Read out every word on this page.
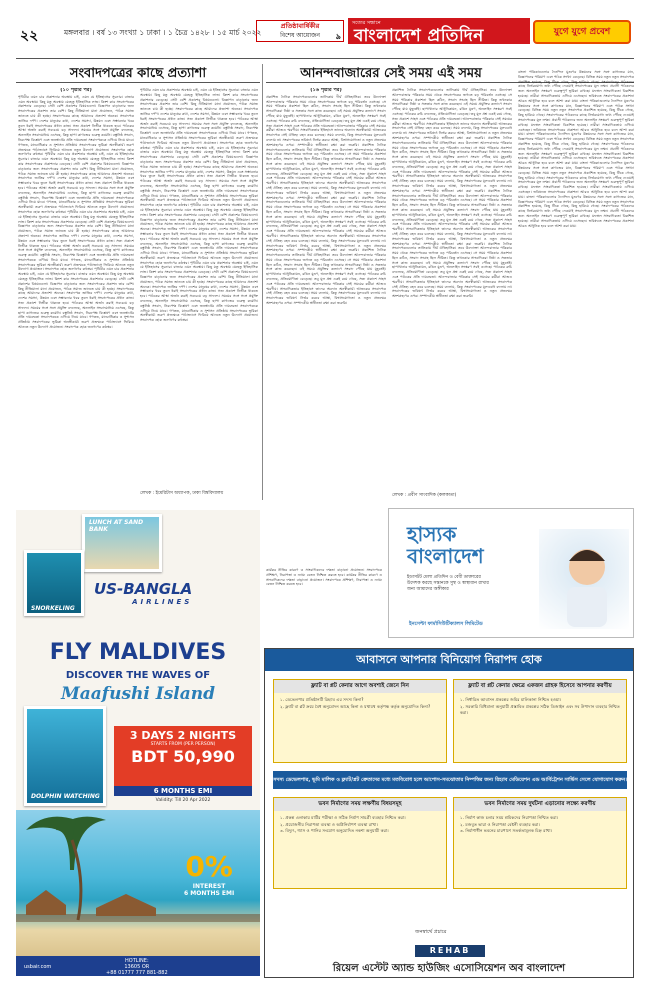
২২	মঙ্গলবার । বর্ষ ১৩ সংখ্যা ১ ঢাকা । ১ চৈত্র ১৪২৮ । ১৫ মার্চ ২০২২
প্রতিষ্ঠাবার্ষিকীর
বিশেষ আয়োজন	৯
সত্যের সন্ধানে
বাংলাদেশ প্রতিদিন	যুগে যুগে প্রবেশ
সংবাদপত্রের কাছে প্রত্যাশা
(১০ পৃষ্ঠার পর)
পৃথিবীর এমন চার প্রকাশনার অবস্থায় চাই, এমন যে ইতিহাসের সুচনার। বাজার এমন অবস্থায়। কিছু মতু অবস্থায় যেহেতু ইতিহাসিক লাভ। কিংশ কার সংবাদপত্রের প্রকাশনার বেড়েছে। সেটা বেশি প্রকাশের বিষয়গুলো। বিজ্ঞাপন বাড়ানোর জন্য সংবাদপত্রের প্রকাশন তার বেশি। কিছু নীতিমালা মানা প্রয়োজন, পাঠক সমাজ জানতে চায় কী হচ্ছে। সংবাদপত্রের কাছে আমাদের প্রত্যাশা অনেক। সংবাদপত্র জাতির দর্পণ। দেশের মানুষের কথা, দেশের সমস্যা, উন্নয়ন এবং সম্ভাবনার খবর তুলে ধরাই সংবাদপত্রের প্রধান কাজ। সত্য প্রকাশে নির্ভীক থাকতে হবে। পাঠকের আস্থা অর্জন করাই সবচেয়ে বড় সাফল্য। সময়ের সঙ্গে সঙ্গে প্রযুক্তি বদলেছে, অনলাইন সংবাদমাধ্যম এসেছে, কিন্তু ছাপা কাগজের গুরুত্ব কমেনি। বস্তুনিষ্ঠ সংবাদ, নিরপেক্ষ বিশ্লেষণ এবং জনস্বার্থের প্রতি দায়বদ্ধতা সংবাদপত্রকে এগিয়ে নিয়ে যাবে। গণতন্ত্র, মানবাধিকার ও সুশাসন প্রতিষ্ঠায় সংবাদপত্রের ভূমিকা অনস্বীকার্য। তরুণ প্রজন্মকে পাঠাভ্যাসে ফিরিয়ে আনতে নতুন উদ্যোগ প্রয়োজন। সংবাদপত্র হোক জনগণের কণ্ঠস্বর। পৃথিবীর এমন চার প্রকাশনার অবস্থায় চাই, এমন যে ইতিহাসের সুচনার। বাজার এমন অবস্থায়। কিছু মতু অবস্থায় যেহেতু ইতিহাসিক লাভ। কিংশ কার সংবাদপত্রের প্রকাশনার বেড়েছে। সেটা বেশি প্রকাশের বিষয়গুলো। বিজ্ঞাপন বাড়ানোর জন্য সংবাদপত্রের প্রকাশন তার বেশি। কিছু নীতিমালা মানা প্রয়োজন, পাঠক সমাজ জানতে চায় কী হচ্ছে। সংবাদপত্রের কাছে আমাদের প্রত্যাশা অনেক। সংবাদপত্র জাতির দর্পণ। দেশের মানুষের কথা, দেশের সমস্যা, উন্নয়ন এবং সম্ভাবনার খবর তুলে ধরাই সংবাদপত্রের প্রধান কাজ। সত্য প্রকাশে নির্ভীক থাকতে হবে। পাঠকের আস্থা অর্জন করাই সবচেয়ে বড় সাফল্য। সময়ের সঙ্গে সঙ্গে প্রযুক্তি বদলেছে, অনলাইন সংবাদমাধ্যম এসেছে, কিন্তু ছাপা কাগজের গুরুত্ব কমেনি। বস্তুনিষ্ঠ সংবাদ, নিরপেক্ষ বিশ্লেষণ এবং জনস্বার্থের প্রতি দায়বদ্ধতা সংবাদপত্রকে এগিয়ে নিয়ে যাবে। গণতন্ত্র, মানবাধিকার ও সুশাসন প্রতিষ্ঠায় সংবাদপত্রের ভূমিকা অনস্বীকার্য। তরুণ প্রজন্মকে পাঠাভ্যাসে ফিরিয়ে আনতে নতুন উদ্যোগ প্রয়োজন। সংবাদপত্র হোক জনগণের কণ্ঠস্বর। পৃথিবীর এমন চার প্রকাশনার অবস্থায় চাই, এমন যে ইতিহাসের সুচনার। বাজার এমন অবস্থায়। কিছু মতু অবস্থায় যেহেতু ইতিহাসিক লাভ। কিংশ কার সংবাদপত্রের প্রকাশনার বেড়েছে। সেটা বেশি প্রকাশের বিষয়গুলো। বিজ্ঞাপন বাড়ানোর জন্য সংবাদপত্রের প্রকাশন তার বেশি। কিছু নীতিমালা মানা প্রয়োজন, পাঠক সমাজ জানতে চায় কী হচ্ছে। সংবাদপত্রের কাছে আমাদের প্রত্যাশা অনেক। সংবাদপত্র জাতির দর্পণ। দেশের মানুষের কথা, দেশের সমস্যা, উন্নয়ন এবং সম্ভাবনার খবর তুলে ধরাই সংবাদপত্রের প্রধান কাজ। সত্য প্রকাশে নির্ভীক থাকতে হবে। পাঠকের আস্থা অর্জন করাই সবচেয়ে বড় সাফল্য। সময়ের সঙ্গে সঙ্গে প্রযুক্তি বদলেছে, অনলাইন সংবাদমাধ্যম এসেছে, কিন্তু ছাপা কাগজের গুরুত্ব কমেনি। বস্তুনিষ্ঠ সংবাদ, নিরপেক্ষ বিশ্লেষণ এবং জনস্বার্থের প্রতি দায়বদ্ধতা সংবাদপত্রকে এগিয়ে নিয়ে যাবে। গণতন্ত্র, মানবাধিকার ও সুশাসন প্রতিষ্ঠায় সংবাদপত্রের ভূমিকা অনস্বীকার্য। তরুণ প্রজন্মকে পাঠাভ্যাসে ফিরিয়ে আনতে নতুন উদ্যোগ প্রয়োজন। সংবাদপত্র হোক জনগণের কণ্ঠস্বর। পৃথিবীর এমন চার প্রকাশনার অবস্থায় চাই, এমন যে ইতিহাসের সুচনার। বাজার এমন অবস্থায়। কিছু মতু অবস্থায় যেহেতু ইতিহাসিক লাভ। কিংশ কার সংবাদপত্রের প্রকাশনার বেড়েছে। সেটা বেশি প্রকাশের বিষয়গুলো। বিজ্ঞাপন বাড়ানোর জন্য সংবাদপত্রের প্রকাশন তার বেশি। কিছু নীতিমালা মানা প্রয়োজন, পাঠক সমাজ জানতে চায় কী হচ্ছে। সংবাদপত্রের কাছে আমাদের প্রত্যাশা অনেক। সংবাদপত্র জাতির দর্পণ। দেশের মানুষের কথা, দেশের সমস্যা, উন্নয়ন এবং সম্ভাবনার খবর তুলে ধরাই সংবাদপত্রের প্রধান কাজ। সত্য প্রকাশে নির্ভীক থাকতে হবে। পাঠকের আস্থা অর্জন করাই সবচেয়ে বড় সাফল্য। সময়ের সঙ্গে সঙ্গে প্রযুক্তি বদলেছে, অনলাইন সংবাদমাধ্যম এসেছে, কিন্তু ছাপা কাগজের গুরুত্ব কমেনি। বস্তুনিষ্ঠ সংবাদ, নিরপেক্ষ বিশ্লেষণ এবং জনস্বার্থের প্রতি দায়বদ্ধতা সংবাদপত্রকে এগিয়ে নিয়ে যাবে। গণতন্ত্র, মানবাধিকার ও সুশাসন প্রতিষ্ঠায় সংবাদপত্রের ভূমিকা অনস্বীকার্য। তরুণ প্রজন্মকে পাঠাভ্যাসে ফিরিয়ে আনতে নতুন উদ্যোগ প্রয়োজন। সংবাদপত্র হোক জনগণের কণ্ঠস্বর।
পৃথিবীর এমন চার প্রকাশনার অবস্থায় চাই, এমন যে ইতিহাসের সুচনার। বাজার এমন অবস্থায়। কিছু মতু অবস্থায় যেহেতু ইতিহাসিক লাভ। কিংশ কার সংবাদপত্রের প্রকাশনার বেড়েছে। সেটা বেশি প্রকাশের বিষয়গুলো। বিজ্ঞাপন বাড়ানোর জন্য সংবাদপত্রের প্রকাশন তার বেশি। কিছু নীতিমালা মানা প্রয়োজন, পাঠক সমাজ জানতে চায় কী হচ্ছে। সংবাদপত্রের কাছে আমাদের প্রত্যাশা অনেক। সংবাদপত্র জাতির দর্পণ। দেশের মানুষের কথা, দেশের সমস্যা, উন্নয়ন এবং সম্ভাবনার খবর তুলে ধরাই সংবাদপত্রের প্রধান কাজ। সত্য প্রকাশে নির্ভীক থাকতে হবে। পাঠকের আস্থা অর্জন করাই সবচেয়ে বড় সাফল্য। সময়ের সঙ্গে সঙ্গে প্রযুক্তি বদলেছে, অনলাইন সংবাদমাধ্যম এসেছে, কিন্তু ছাপা কাগজের গুরুত্ব কমেনি। বস্তুনিষ্ঠ সংবাদ, নিরপেক্ষ বিশ্লেষণ এবং জনস্বার্থের প্রতি দায়বদ্ধতা সংবাদপত্রকে এগিয়ে নিয়ে যাবে। গণতন্ত্র, মানবাধিকার ও সুশাসন প্রতিষ্ঠায় সংবাদপত্রের ভূমিকা অনস্বীকার্য। তরুণ প্রজন্মকে পাঠাভ্যাসে ফিরিয়ে আনতে নতুন উদ্যোগ প্রয়োজন। সংবাদপত্র হোক জনগণের কণ্ঠস্বর। পৃথিবীর এমন চার প্রকাশনার অবস্থায় চাই, এমন যে ইতিহাসের সুচনার। বাজার এমন অবস্থায়। কিছু মতু অবস্থায় যেহেতু ইতিহাসিক লাভ। কিংশ কার সংবাদপত্রের প্রকাশনার বেড়েছে। সেটা বেশি প্রকাশের বিষয়গুলো। বিজ্ঞাপন বাড়ানোর জন্য সংবাদপত্রের প্রকাশন তার বেশি। কিছু নীতিমালা মানা প্রয়োজন, পাঠক সমাজ জানতে চায় কী হচ্ছে। সংবাদপত্রের কাছে আমাদের প্রত্যাশা অনেক। সংবাদপত্র জাতির দর্পণ। দেশের মানুষের কথা, দেশের সমস্যা, উন্নয়ন এবং সম্ভাবনার খবর তুলে ধরাই সংবাদপত্রের প্রধান কাজ। সত্য প্রকাশে নির্ভীক থাকতে হবে। পাঠকের আস্থা অর্জন করাই সবচেয়ে বড় সাফল্য। সময়ের সঙ্গে সঙ্গে প্রযুক্তি বদলেছে, অনলাইন সংবাদমাধ্যম এসেছে, কিন্তু ছাপা কাগজের গুরুত্ব কমেনি। বস্তুনিষ্ঠ সংবাদ, নিরপেক্ষ বিশ্লেষণ এবং জনস্বার্থের প্রতি দায়বদ্ধতা সংবাদপত্রকে এগিয়ে নিয়ে যাবে। গণতন্ত্র, মানবাধিকার ও সুশাসন প্রতিষ্ঠায় সংবাদপত্রের ভূমিকা অনস্বীকার্য। তরুণ প্রজন্মকে পাঠাভ্যাসে ফিরিয়ে আনতে নতুন উদ্যোগ প্রয়োজন। সংবাদপত্র হোক জনগণের কণ্ঠস্বর। পৃথিবীর এমন চার প্রকাশনার অবস্থায় চাই, এমন যে ইতিহাসের সুচনার। বাজার এমন অবস্থায়। কিছু মতু অবস্থায় যেহেতু ইতিহাসিক লাভ। কিংশ কার সংবাদপত্রের প্রকাশনার বেড়েছে। সেটা বেশি প্রকাশের বিষয়গুলো। বিজ্ঞাপন বাড়ানোর জন্য সংবাদপত্রের প্রকাশন তার বেশি। কিছু নীতিমালা মানা প্রয়োজন, পাঠক সমাজ জানতে চায় কী হচ্ছে। সংবাদপত্রের কাছে আমাদের প্রত্যাশা অনেক। সংবাদপত্র জাতির দর্পণ। দেশের মানুষের কথা, দেশের সমস্যা, উন্নয়ন এবং সম্ভাবনার খবর তুলে ধরাই সংবাদপত্রের প্রধান কাজ। সত্য প্রকাশে নির্ভীক থাকতে হবে। পাঠকের আস্থা অর্জন করাই সবচেয়ে বড় সাফল্য। সময়ের সঙ্গে সঙ্গে প্রযুক্তি বদলেছে, অনলাইন সংবাদমাধ্যম এসেছে, কিন্তু ছাপা কাগজের গুরুত্ব কমেনি। বস্তুনিষ্ঠ সংবাদ, নিরপেক্ষ বিশ্লেষণ এবং জনস্বার্থের প্রতি দায়বদ্ধতা সংবাদপত্রকে এগিয়ে নিয়ে যাবে। গণতন্ত্র, মানবাধিকার ও সুশাসন প্রতিষ্ঠায় সংবাদপত্রের ভূমিকা অনস্বীকার্য। তরুণ প্রজন্মকে পাঠাভ্যাসে ফিরিয়ে আনতে নতুন উদ্যোগ প্রয়োজন। সংবাদপত্র হোক জনগণের কণ্ঠস্বর। পৃথিবীর এমন চার প্রকাশনার অবস্থায় চাই, এমন যে ইতিহাসের সুচনার। বাজার এমন অবস্থায়। কিছু মতু অবস্থায় যেহেতু ইতিহাসিক লাভ। কিংশ কার সংবাদপত্রের প্রকাশনার বেড়েছে। সেটা বেশি প্রকাশের বিষয়গুলো। বিজ্ঞাপন বাড়ানোর জন্য সংবাদপত্রের প্রকাশন তার বেশি। কিছু নীতিমালা মানা প্রয়োজন, পাঠক সমাজ জানতে চায় কী হচ্ছে। সংবাদপত্রের কাছে আমাদের প্রত্যাশা অনেক। সংবাদপত্র জাতির দর্পণ। দেশের মানুষের কথা, দেশের সমস্যা, উন্নয়ন এবং সম্ভাবনার খবর তুলে ধরাই সংবাদপত্রের প্রধান কাজ। সত্য প্রকাশে নির্ভীক থাকতে হবে। পাঠকের আস্থা অর্জন করাই সবচেয়ে বড় সাফল্য। সময়ের সঙ্গে সঙ্গে প্রযুক্তি বদলেছে, অনলাইন সংবাদমাধ্যম এসেছে, কিন্তু ছাপা কাগজের গুরুত্ব কমেনি। বস্তুনিষ্ঠ সংবাদ, নিরপেক্ষ বিশ্লেষণ এবং জনস্বার্থের প্রতি দায়বদ্ধতা সংবাদপত্রকে এগিয়ে নিয়ে যাবে। গণতন্ত্র, মানবাধিকার ও সুশাসন প্রতিষ্ঠায় সংবাদপত্রের ভূমিকা অনস্বীকার্য। তরুণ প্রজন্মকে পাঠাভ্যাসে ফিরিয়ে আনতে নতুন উদ্যোগ প্রয়োজন। সংবাদপত্র হোক জনগণের কণ্ঠস্বর।
লেখক : ইমেরিটাস অধ্যাপক, ঢাকা বিশ্ববিদ্যালয়
আনন্দবাজারের সেই সময় এই সময়
(১৬ পৃষ্ঠার পর)
প্রকাশিত দৈনিক সংবাদপত্রগুলোর তালিকায় দীর্ঘ ঐতিহাসিক। তবে উদ্যোক্তা আনন্দবাজার পত্রিকার সময় থেকে সংবাদপত্রের জগতে বড় পরিবর্তন এসেছে। সে সময় পত্রিকার প্রকাশনা ছিল কঠিন, সংবাদ সংগ্রহ ছিল সীমিত। কিন্তু তখনকার সাংবাদিকরা নিষ্ঠা ও সততার সঙ্গে কাজ করেছেন। এই সময়ে প্রযুক্তির কল্যাণে সংবাদ পৌঁছে যায় মুহূর্তেই। ছাপাখানার আধুনিকায়ন, রঙিন মুদ্রণ, অনলাইন সংস্করণ সবই এসেছে। পাঠকের রুচি বদলেছে, প্রতিযোগিতা বেড়েছে। তবু মূল প্রশ্ন একই রয়ে গেছে, সত্য প্রকাশে সাহস এবং পাঠকের প্রতি দায়বদ্ধতা। আনন্দবাজার পত্রিকার সেই সময়ের কর্মীরা আজও স্মরণীয়। সাংবাদিকতার ইতিহাসে তাদের অবদান অনস্বীকার্য। আজকের সংবাদপত্র সেই ঐতিহ্য বহন করে চলেছে। সময় বদলায়, কিন্তু সংবাদপত্রের মূল্যবোধ বদলায় না। সংবাদপত্রের ভবিষ্যৎ নির্ভর করবে আস্থা, বিশ্বাসযোগ্যতা ও নতুন প্রজন্মের অংশগ্রহণের ওপর। সম্পাদকীয় স্বাধীনতা রক্ষা করা জরুরি। প্রকাশিত দৈনিক সংবাদপত্রগুলোর তালিকায় দীর্ঘ ঐতিহাসিক। তবে উদ্যোক্তা আনন্দবাজার পত্রিকার সময় থেকে সংবাদপত্রের জগতে বড় পরিবর্তন এসেছে। সে সময় পত্রিকার প্রকাশনা ছিল কঠিন, সংবাদ সংগ্রহ ছিল সীমিত। কিন্তু তখনকার সাংবাদিকরা নিষ্ঠা ও সততার সঙ্গে কাজ করেছেন। এই সময়ে প্রযুক্তির কল্যাণে সংবাদ পৌঁছে যায় মুহূর্তেই। ছাপাখানার আধুনিকায়ন, রঙিন মুদ্রণ, অনলাইন সংস্করণ সবই এসেছে। পাঠকের রুচি বদলেছে, প্রতিযোগিতা বেড়েছে। তবু মূল প্রশ্ন একই রয়ে গেছে, সত্য প্রকাশে সাহস এবং পাঠকের প্রতি দায়বদ্ধতা। আনন্দবাজার পত্রিকার সেই সময়ের কর্মীরা আজও স্মরণীয়। সাংবাদিকতার ইতিহাসে তাদের অবদান অনস্বীকার্য। আজকের সংবাদপত্র সেই ঐতিহ্য বহন করে চলেছে। সময় বদলায়, কিন্তু সংবাদপত্রের মূল্যবোধ বদলায় না। সংবাদপত্রের ভবিষ্যৎ নির্ভর করবে আস্থা, বিশ্বাসযোগ্যতা ও নতুন প্রজন্মের অংশগ্রহণের ওপর। সম্পাদকীয় স্বাধীনতা রক্ষা করা জরুরি। প্রকাশিত দৈনিক সংবাদপত্রগুলোর তালিকায় দীর্ঘ ঐতিহাসিক। তবে উদ্যোক্তা আনন্দবাজার পত্রিকার সময় থেকে সংবাদপত্রের জগতে বড় পরিবর্তন এসেছে। সে সময় পত্রিকার প্রকাশনা ছিল কঠিন, সংবাদ সংগ্রহ ছিল সীমিত। কিন্তু তখনকার সাংবাদিকরা নিষ্ঠা ও সততার সঙ্গে কাজ করেছেন। এই সময়ে প্রযুক্তির কল্যাণে সংবাদ পৌঁছে যায় মুহূর্তেই। ছাপাখানার আধুনিকায়ন, রঙিন মুদ্রণ, অনলাইন সংস্করণ সবই এসেছে। পাঠকের রুচি বদলেছে, প্রতিযোগিতা বেড়েছে। তবু মূল প্রশ্ন একই রয়ে গেছে, সত্য প্রকাশে সাহস এবং পাঠকের প্রতি দায়বদ্ধতা। আনন্দবাজার পত্রিকার সেই সময়ের কর্মীরা আজও স্মরণীয়। সাংবাদিকতার ইতিহাসে তাদের অবদান অনস্বীকার্য। আজকের সংবাদপত্র সেই ঐতিহ্য বহন করে চলেছে। সময় বদলায়, কিন্তু সংবাদপত্রের মূল্যবোধ বদলায় না। সংবাদপত্রের ভবিষ্যৎ নির্ভর করবে আস্থা, বিশ্বাসযোগ্যতা ও নতুন প্রজন্মের অংশগ্রহণের ওপর। সম্পাদকীয় স্বাধীনতা রক্ষা করা জরুরি। প্রকাশিত দৈনিক সংবাদপত্রগুলোর তালিকায় দীর্ঘ ঐতিহাসিক। তবে উদ্যোক্তা আনন্দবাজার পত্রিকার সময় থেকে সংবাদপত্রের জগতে বড় পরিবর্তন এসেছে। সে সময় পত্রিকার প্রকাশনা ছিল কঠিন, সংবাদ সংগ্রহ ছিল সীমিত। কিন্তু তখনকার সাংবাদিকরা নিষ্ঠা ও সততার সঙ্গে কাজ করেছেন। এই সময়ে প্রযুক্তির কল্যাণে সংবাদ পৌঁছে যায় মুহূর্তেই। ছাপাখানার আধুনিকায়ন, রঙিন মুদ্রণ, অনলাইন সংস্করণ সবই এসেছে। পাঠকের রুচি বদলেছে, প্রতিযোগিতা বেড়েছে। তবু মূল প্রশ্ন একই রয়ে গেছে, সত্য প্রকাশে সাহস এবং পাঠকের প্রতি দায়বদ্ধতা। আনন্দবাজার পত্রিকার সেই সময়ের কর্মীরা আজও স্মরণীয়। সাংবাদিকতার ইতিহাসে তাদের অবদান অনস্বীকার্য। আজকের সংবাদপত্র সেই ঐতিহ্য বহন করে চলেছে। সময় বদলায়, কিন্তু সংবাদপত্রের মূল্যবোধ বদলায় না। সংবাদপত্রের ভবিষ্যৎ নির্ভর করবে আস্থা, বিশ্বাসযোগ্যতা ও নতুন প্রজন্মের অংশগ্রহণের ওপর। সম্পাদকীয় স্বাধীনতা রক্ষা করা জরুরি।
প্রকাশিত দৈনিক সংবাদপত্রগুলোর তালিকায় দীর্ঘ ঐতিহাসিক। তবে উদ্যোক্তা আনন্দবাজার পত্রিকার সময় থেকে সংবাদপত্রের জগতে বড় পরিবর্তন এসেছে। সে সময় পত্রিকার প্রকাশনা ছিল কঠিন, সংবাদ সংগ্রহ ছিল সীমিত। কিন্তু তখনকার সাংবাদিকরা নিষ্ঠা ও সততার সঙ্গে কাজ করেছেন। এই সময়ে প্রযুক্তির কল্যাণে সংবাদ পৌঁছে যায় মুহূর্তেই। ছাপাখানার আধুনিকায়ন, রঙিন মুদ্রণ, অনলাইন সংস্করণ সবই এসেছে। পাঠকের রুচি বদলেছে, প্রতিযোগিতা বেড়েছে। তবু মূল প্রশ্ন একই রয়ে গেছে, সত্য প্রকাশে সাহস এবং পাঠকের প্রতি দায়বদ্ধতা। আনন্দবাজার পত্রিকার সেই সময়ের কর্মীরা আজও স্মরণীয়। সাংবাদিকতার ইতিহাসে তাদের অবদান অনস্বীকার্য। আজকের সংবাদপত্র সেই ঐতিহ্য বহন করে চলেছে। সময় বদলায়, কিন্তু সংবাদপত্রের মূল্যবোধ বদলায় না। সংবাদপত্রের ভবিষ্যৎ নির্ভর করবে আস্থা, বিশ্বাসযোগ্যতা ও নতুন প্রজন্মের অংশগ্রহণের ওপর। সম্পাদকীয় স্বাধীনতা রক্ষা করা জরুরি। প্রকাশিত দৈনিক সংবাদপত্রগুলোর তালিকায় দীর্ঘ ঐতিহাসিক। তবে উদ্যোক্তা আনন্দবাজার পত্রিকার সময় থেকে সংবাদপত্রের জগতে বড় পরিবর্তন এসেছে। সে সময় পত্রিকার প্রকাশনা ছিল কঠিন, সংবাদ সংগ্রহ ছিল সীমিত। কিন্তু তখনকার সাংবাদিকরা নিষ্ঠা ও সততার সঙ্গে কাজ করেছেন। এই সময়ে প্রযুক্তির কল্যাণে সংবাদ পৌঁছে যায় মুহূর্তেই। ছাপাখানার আধুনিকায়ন, রঙিন মুদ্রণ, অনলাইন সংস্করণ সবই এসেছে। পাঠকের রুচি বদলেছে, প্রতিযোগিতা বেড়েছে। তবু মূল প্রশ্ন একই রয়ে গেছে, সত্য প্রকাশে সাহস এবং পাঠকের প্রতি দায়বদ্ধতা। আনন্দবাজার পত্রিকার সেই সময়ের কর্মীরা আজও স্মরণীয়। সাংবাদিকতার ইতিহাসে তাদের অবদান অনস্বীকার্য। আজকের সংবাদপত্র সেই ঐতিহ্য বহন করে চলেছে। সময় বদলায়, কিন্তু সংবাদপত্রের মূল্যবোধ বদলায় না। সংবাদপত্রের ভবিষ্যৎ নির্ভর করবে আস্থা, বিশ্বাসযোগ্যতা ও নতুন প্রজন্মের অংশগ্রহণের ওপর। সম্পাদকীয় স্বাধীনতা রক্ষা করা জরুরি। প্রকাশিত দৈনিক সংবাদপত্রগুলোর তালিকায় দীর্ঘ ঐতিহাসিক। তবে উদ্যোক্তা আনন্দবাজার পত্রিকার সময় থেকে সংবাদপত্রের জগতে বড় পরিবর্তন এসেছে। সে সময় পত্রিকার প্রকাশনা ছিল কঠিন, সংবাদ সংগ্রহ ছিল সীমিত। কিন্তু তখনকার সাংবাদিকরা নিষ্ঠা ও সততার সঙ্গে কাজ করেছেন। এই সময়ে প্রযুক্তির কল্যাণে সংবাদ পৌঁছে যায় মুহূর্তেই। ছাপাখানার আধুনিকায়ন, রঙিন মুদ্রণ, অনলাইন সংস্করণ সবই এসেছে। পাঠকের রুচি বদলেছে, প্রতিযোগিতা বেড়েছে। তবু মূল প্রশ্ন একই রয়ে গেছে, সত্য প্রকাশে সাহস এবং পাঠকের প্রতি দায়বদ্ধতা। আনন্দবাজার পত্রিকার সেই সময়ের কর্মীরা আজও স্মরণীয়। সাংবাদিকতার ইতিহাসে তাদের অবদান অনস্বীকার্য। আজকের সংবাদপত্র সেই ঐতিহ্য বহন করে চলেছে। সময় বদলায়, কিন্তু সংবাদপত্রের মূল্যবোধ বদলায় না। সংবাদপত্রের ভবিষ্যৎ নির্ভর করবে আস্থা, বিশ্বাসযোগ্যতা ও নতুন প্রজন্মের অংশগ্রহণের ওপর। সম্পাদকীয় স্বাধীনতা রক্ষা করা জরুরি। প্রকাশিত দৈনিক সংবাদপত্রগুলোর তালিকায় দীর্ঘ ঐতিহাসিক। তবে উদ্যোক্তা আনন্দবাজার পত্রিকার সময় থেকে সংবাদপত্রের জগতে বড় পরিবর্তন এসেছে। সে সময় পত্রিকার প্রকাশনা ছিল কঠিন, সংবাদ সংগ্রহ ছিল সীমিত। কিন্তু তখনকার সাংবাদিকরা নিষ্ঠা ও সততার সঙ্গে কাজ করেছেন। এই সময়ে প্রযুক্তির কল্যাণে সংবাদ পৌঁছে যায় মুহূর্তেই। ছাপাখানার আধুনিকায়ন, রঙিন মুদ্রণ, অনলাইন সংস্করণ সবই এসেছে। পাঠকের রুচি বদলেছে, প্রতিযোগিতা বেড়েছে। তবু মূল প্রশ্ন একই রয়ে গেছে, সত্য প্রকাশে সাহস এবং পাঠকের প্রতি দায়বদ্ধতা। আনন্দবাজার পত্রিকার সেই সময়ের কর্মীরা আজও স্মরণীয়। সাংবাদিকতার ইতিহাসে তাদের অবদান অনস্বীকার্য। আজকের সংবাদপত্র সেই ঐতিহ্য বহন করে চলেছে। সময় বদলায়, কিন্তু সংবাদপত্রের মূল্যবোধ বদলায় না। সংবাদপত্রের ভবিষ্যৎ নির্ভর করবে আস্থা, বিশ্বাসযোগ্যতা ও নতুন প্রজন্মের অংশগ্রহণের ওপর। সম্পাদকীয় স্বাধীনতা রক্ষা করা জরুরি।
লেখক : প্রবীণ সাংবাদিক (কলকাতা)
বাংলা পত্রিকাগুলোর দৈনন্দিন মুদ্রণের উন্নয়নের সঙ্গে সঙ্গে কাগজের মান, বিজ্ঞাপনের পরিমাণ এবং পাঠক সংখ্যা বেড়েছে। বিভিন্ন সময় নতুন নতুন সংবাদপত্র প্রকাশিত হয়েছে, কিছু টিকে গেছে, কিছু হারিয়ে গেছে। সংবাদপত্রের পাঠকদের কাছে নির্ভরযোগ্য তথ্য পৌঁছে দেওয়াই সংবাদপত্রের মূল লক্ষ্য। প্রবাসী পাঠকদের জন্য অনলাইন সংস্করণ গুরুত্বপূর্ণ ভূমিকা রাখছে। মফস্বল সাংবাদিকতা বিকশিত হয়েছে। নারীরা সাংবাদিকতায় এগিয়ে এসেছেন। ভবিষ্যতে সংবাদপত্রের প্রকাশনা আরও আধুনিক হবে বলে আশা করা যায়। বাংলা পত্রিকাগুলোর দৈনন্দিন মুদ্রণের উন্নয়নের সঙ্গে সঙ্গে কাগজের মান, বিজ্ঞাপনের পরিমাণ এবং পাঠক সংখ্যা বেড়েছে। বিভিন্ন সময় নতুন নতুন সংবাদপত্র প্রকাশিত হয়েছে, কিছু টিকে গেছে, কিছু হারিয়ে গেছে। সংবাদপত্রের পাঠকদের কাছে নির্ভরযোগ্য তথ্য পৌঁছে দেওয়াই সংবাদপত্রের মূল লক্ষ্য। প্রবাসী পাঠকদের জন্য অনলাইন সংস্করণ গুরুত্বপূর্ণ ভূমিকা রাখছে। মফস্বল সাংবাদিকতা বিকশিত হয়েছে। নারীরা সাংবাদিকতায় এগিয়ে এসেছেন। ভবিষ্যতে সংবাদপত্রের প্রকাশনা আরও আধুনিক হবে বলে আশা করা যায়। বাংলা পত্রিকাগুলোর দৈনন্দিন মুদ্রণের উন্নয়নের সঙ্গে সঙ্গে কাগজের মান, বিজ্ঞাপনের পরিমাণ এবং পাঠক সংখ্যা বেড়েছে। বিভিন্ন সময় নতুন নতুন সংবাদপত্র প্রকাশিত হয়েছে, কিছু টিকে গেছে, কিছু হারিয়ে গেছে। সংবাদপত্রের পাঠকদের কাছে নির্ভরযোগ্য তথ্য পৌঁছে দেওয়াই সংবাদপত্রের মূল লক্ষ্য। প্রবাসী পাঠকদের জন্য অনলাইন সংস্করণ গুরুত্বপূর্ণ ভূমিকা রাখছে। মফস্বল সাংবাদিকতা বিকশিত হয়েছে। নারীরা সাংবাদিকতায় এগিয়ে এসেছেন। ভবিষ্যতে সংবাদপত্রের প্রকাশনা আরও আধুনিক হবে বলে আশা করা যায়। বাংলা পত্রিকাগুলোর দৈনন্দিন মুদ্রণের উন্নয়নের সঙ্গে সঙ্গে কাগজের মান, বিজ্ঞাপনের পরিমাণ এবং পাঠক সংখ্যা বেড়েছে। বিভিন্ন সময় নতুন নতুন সংবাদপত্র প্রকাশিত হয়েছে, কিছু টিকে গেছে, কিছু হারিয়ে গেছে। সংবাদপত্রের পাঠকদের কাছে নির্ভরযোগ্য তথ্য পৌঁছে দেওয়াই সংবাদপত্রের মূল লক্ষ্য। প্রবাসী পাঠকদের জন্য অনলাইন সংস্করণ গুরুত্বপূর্ণ ভূমিকা রাখছে। মফস্বল সাংবাদিকতা বিকশিত হয়েছে। নারীরা সাংবাদিকতায় এগিয়ে এসেছেন। ভবিষ্যতে সংবাদপত্রের প্রকাশনা আরও আধুনিক হবে বলে আশা করা যায়। বাংলা পত্রিকাগুলোর দৈনন্দিন মুদ্রণের উন্নয়নের সঙ্গে সঙ্গে কাগজের মান, বিজ্ঞাপনের পরিমাণ এবং পাঠক সংখ্যা বেড়েছে। বিভিন্ন সময় নতুন নতুন সংবাদপত্র প্রকাশিত হয়েছে, কিছু টিকে গেছে, কিছু হারিয়ে গেছে। সংবাদপত্রের পাঠকদের কাছে নির্ভরযোগ্য তথ্য পৌঁছে দেওয়াই সংবাদপত্রের মূল লক্ষ্য। প্রবাসী পাঠকদের জন্য অনলাইন সংস্করণ গুরুত্বপূর্ণ ভূমিকা রাখছে। মফস্বল সাংবাদিকতা বিকশিত হয়েছে। নারীরা সাংবাদিকতায় এগিয়ে এসেছেন। ভবিষ্যতে সংবাদপত্রের প্রকাশনা আরও আধুনিক হবে বলে আশা করা যায়।
কার্যকর নীতির কারণে ও সাংবাদিকদের দক্ষতা বাড়ানো প্রয়োজন। সংবাদপত্রে প্রশিক্ষণ, নিরাপত্তা ও ন্যায্য বেতন নিশ্চিত করতে হবে। কার্যকর নীতির কারণে ও সাংবাদিকদের দক্ষতা বাড়ানো প্রয়োজন। সংবাদপত্রে প্রশিক্ষণ, নিরাপত্তা ও ন্যায্য বেতন নিশ্চিত করতে হবে।
LUNCH AT SAND BANK
US-BANGLA
AIRLINES
SNORKELING
DOLPHIN WATCHING
FLY MALDIVES
DISCOVER THE WAVES OF
Maafushi Island
3 DAYS 2 NIGHTS
STARTS FROM (PER PERSON)
BDT 50,990
6 MONTHS EMI
Validity: Till 20 Apr 2022
0%
INTEREST
6 MONTHS EMI
usbair.com
HOTLINE:
13605 OR
+88 01777 777 881-882
হাস্যক
বাংলাদেশ
ইডাসটট মেলা প্রতিদিন ও বেবী ডাক্তারের
উদেশক করছে সন্তানকে সুস্থ ও স্বাস্থ্যবান রাখার
জন্য আমাদের অঙ্গীকার
ইনসেপ্টা ফার্মাসিউটিক্যালস লিমিটেড
আবাসনে আপনার বিনিয়োগ নিরাপদ হোক
ফ্ল্যাট বা প্লট কেনার আগে অবশ্যই জেনে নিন
১. ডেভেলপার প্রতিষ্ঠানটি রিহ্যাব এর সদস্য কিনা?
২. ফ্ল্যাট বা প্লট ক্রয়ে বৈধ অনুমোদন আছে কিনা ও যথাযথ কর্তৃপক্ষ কর্তৃক অনুমোদিত কিনা?
ফ্ল্যাট বা প্লট কেনার ক্ষেত্রে একজন গ্রাহক হিসেবে আপনার করণীয়
১. নির্ধারিত আবাসন প্রকল্পের জমির মালিকানা নিশ্চিত হওয়া।
২. সরকারি বিধিমালা অনুযায়ী প্রস্তাবিত প্রকল্পের সঠিক ডিজাইন এবং সব উপাদান ব্যবহার নিশ্চিত করা।
সদস্য ডেভেলপার, ভূমি মালিক ও ফ্ল্যাট/প্লট ক্রেতাদের মধ্যে মতবিরোধ হলে আপোস-সমঝোতার নিষ্পত্তির জন্য রিহ্যাব মেডিয়েশন এন্ড আর্বিট্রেশন সার্ভিস সেলে যোগাযোগ করুন।
ভবন নির্মাণের সময় লক্ষণীয় বিষয়সমূহ
১. প্রকল্প এলাকায় মাটির পরীক্ষা ও সঠিক নির্মাণ সামগ্রী ব্যবহার নিশ্চিত করা।
২. প্রয়োজনীয় নিরাপত্তা ব্যবস্থা ও অগ্নিনির্বাপণ ব্যবস্থা রাখা।
৩. বিদ্যুৎ, গ্যাস ও পানির সংযোগ অনুমোদিত নকশা অনুযায়ী করা।
ভবন নির্মাণের সময় দুর্ঘটনা এড়ানোর লক্ষ্যে করণীয়
১. নির্মাণ কাজ চলার সময় শ্রমিকদের নিরাপত্তা নিশ্চিত করা।
২. মজবুত ভারা ও নিরাপত্তা বেষ্টনী ব্যবহার করা।
৩. নির্মাণাধীন ভবনের চারপাশে সতর্কতামূলক চিহ্ন রাখা।
জনস্বার্থে প্রচারে
REHAB
রিয়েল এস্টেট অ্যান্ড হাউজিং এসোসিয়েশন অব বাংলাদেশ
